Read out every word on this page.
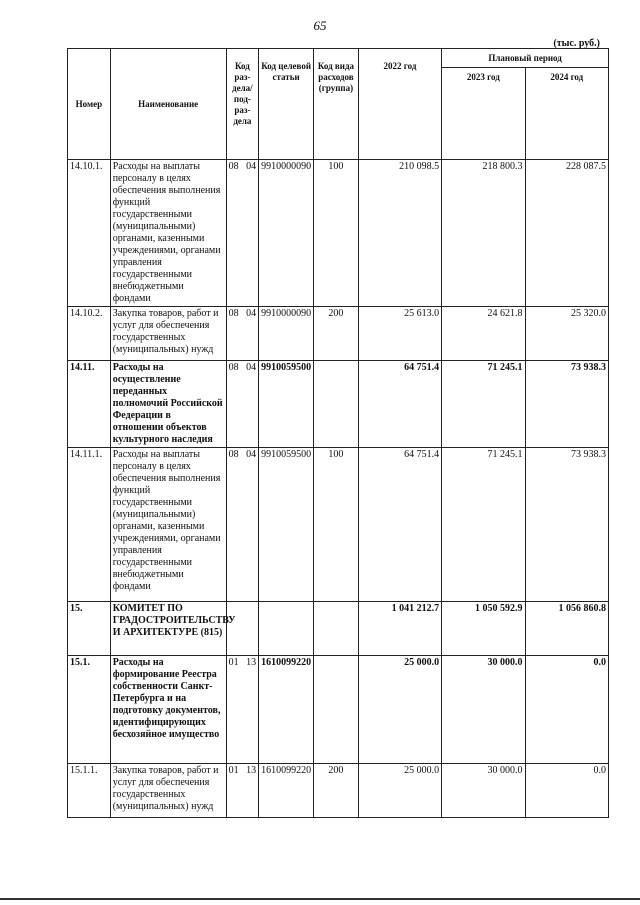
65
(тыс. руб.)
Номер	Наименование	Код раз-дела/ под-раз-дела	Код целевой статьи	Код вида расходов (группа)	2022 год	Плановый период	
						2023 год	2024 год
14.10.1.	Расходы на выплаты персоналу в целях обеспечения выполнения функций государственными (муниципальными) органами, казенными учреждениями, органами управления государственными внебюджетными фондами	08 04	9910000090	100	210 098.5	218 800.3	228 087.5
14.10.2.	Закупка товаров, работ и услуг для обеспечения государственных (муниципальных) нужд	08 04	9910000090	200	25 613.0	24 621.8	25 320.0
14.11.	Расходы на осуществление переданных полномочий Российской Федерации в отношении объектов культурного наследия	08 04	9910059500		64 751.4	71 245.1	73 938.3
14.11.1.	Расходы на выплаты персоналу в целях обеспечения выполнения функций государственными (муниципальными) органами, казенными учреждениями, органами управления государственными внебюджетными фондами	08 04	9910059500	100	64 751.4	71 245.1	73 938.3
15.	КОМИТЕТ ПО ГРАДОСТРОИТЕЛЬСТВУ И АРХИТЕКТУРЕ (815)				1 041 212.7	1 050 592.9	1 056 860.8
15.1.	Расходы на формирование Реестра собственности Санкт-Петербурга и на подготовку документов, идентифицирующих бесхозяйное имущество	01 13	1610099220		25 000.0	30 000.0	0.0
15.1.1.	Закупка товаров, работ и услуг для обеспечения государственных (муниципальных) нужд	01 13	1610099220	200	25 000.0	30 000.0	0.0
